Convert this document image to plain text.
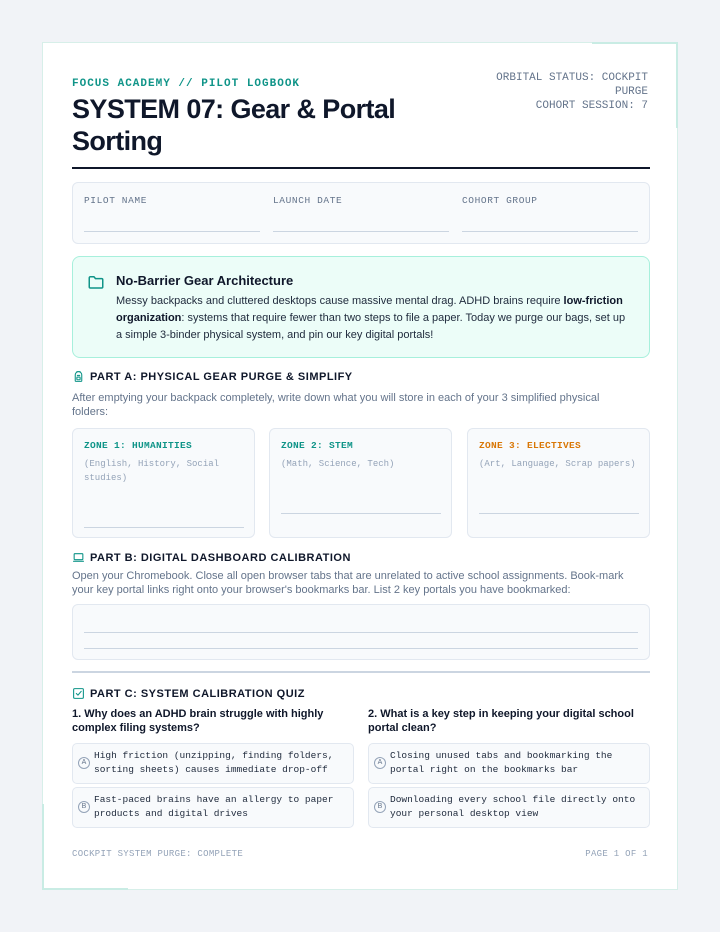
FOCUS ACADEMY // PILOT LOGBOOK
SYSTEM 07: Gear & Portal Sorting
ORBITAL STATUS: COCKPIT
PURGE
COHORT SESSION: 7
PILOT NAME	LAUNCH DATE	COHORT GROUP
No-Barrier Gear Architecture
Messy backpacks and cluttered desktops cause massive mental drag. ADHD brains require low-friction organization: systems that require fewer than two steps to file a paper. Today we purge our bags, set up a simple 3-binder physical system, and pin our key digital portals!
PART A: PHYSICAL GEAR PURGE & SIMPLIFY
After emptying your backpack completely, write down what you will store in each of your 3 simplified physical folders:
ZONE 1: HUMANITIES
(English, History, Social studies)
ZONE 2: STEM
(Math, Science, Tech)
ZONE 3: ELECTIVES
(Art, Language, Scrap papers)
PART B: DIGITAL DASHBOARD CALIBRATION
Open your Chromebook. Close all open browser tabs that are unrelated to active school assignments. Book-mark your key portal links right onto your browser's bookmarks bar. List 2 key portals you have bookmarked:
PART C: SYSTEM CALIBRATION QUIZ
1. Why does an ADHD brain struggle with highly complex filing systems?
A
High friction (unzipping, finding folders, sorting sheets) causes immediate drop-off
B
Fast-paced brains have an allergy to paper products and digital drives
2. What is a key step in keeping your digital school portal clean?
A
Closing unused tabs and bookmarking the portal right on the bookmarks bar
B
Downloading every school file directly onto your personal desktop view
COCKPIT SYSTEM PURGE: COMPLETE	PAGE 1 OF 1
